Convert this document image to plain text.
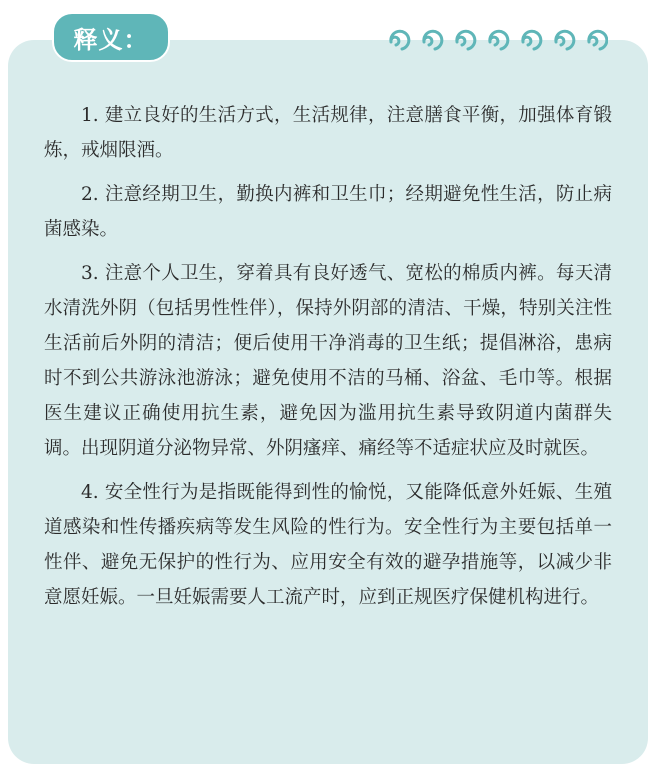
释义：

1. 建立良好的生活方式，生活规律，注意膳食平衡，加强体育锻炼，戒烟限酒。

2. 注意经期卫生，勤换内裤和卫生巾；经期避免性生活，防止病菌感染。

3. 注意个人卫生，穿着具有良好透气、宽松的棉质内裤。每天清水清洗外阴（包括男性性伴），保持外阴部的清洁、干燥，特别关注性生活前后外阴的清洁；便后使用干净消毒的卫生纸；提倡淋浴，患病时不到公共游泳池游泳；避免使用不洁的马桶、浴盆、毛巾等。根据医生建议正确使用抗生素，避免因为滥用抗生素导致阴道内菌群失调。出现阴道分泌物异常、外阴瘙痒、痛经等不适症状应及时就医。

4. 安全性行为是指既能得到性的愉悦，又能降低意外妊娠、生殖道感染和性传播疾病等发生风险的性行为。安全性行为主要包括单一性伴、避免无保护的性行为、应用安全有效的避孕措施等，以减少非意愿妊娠。一旦妊娠需要人工流产时，应到正规医疗保健机构进行。
